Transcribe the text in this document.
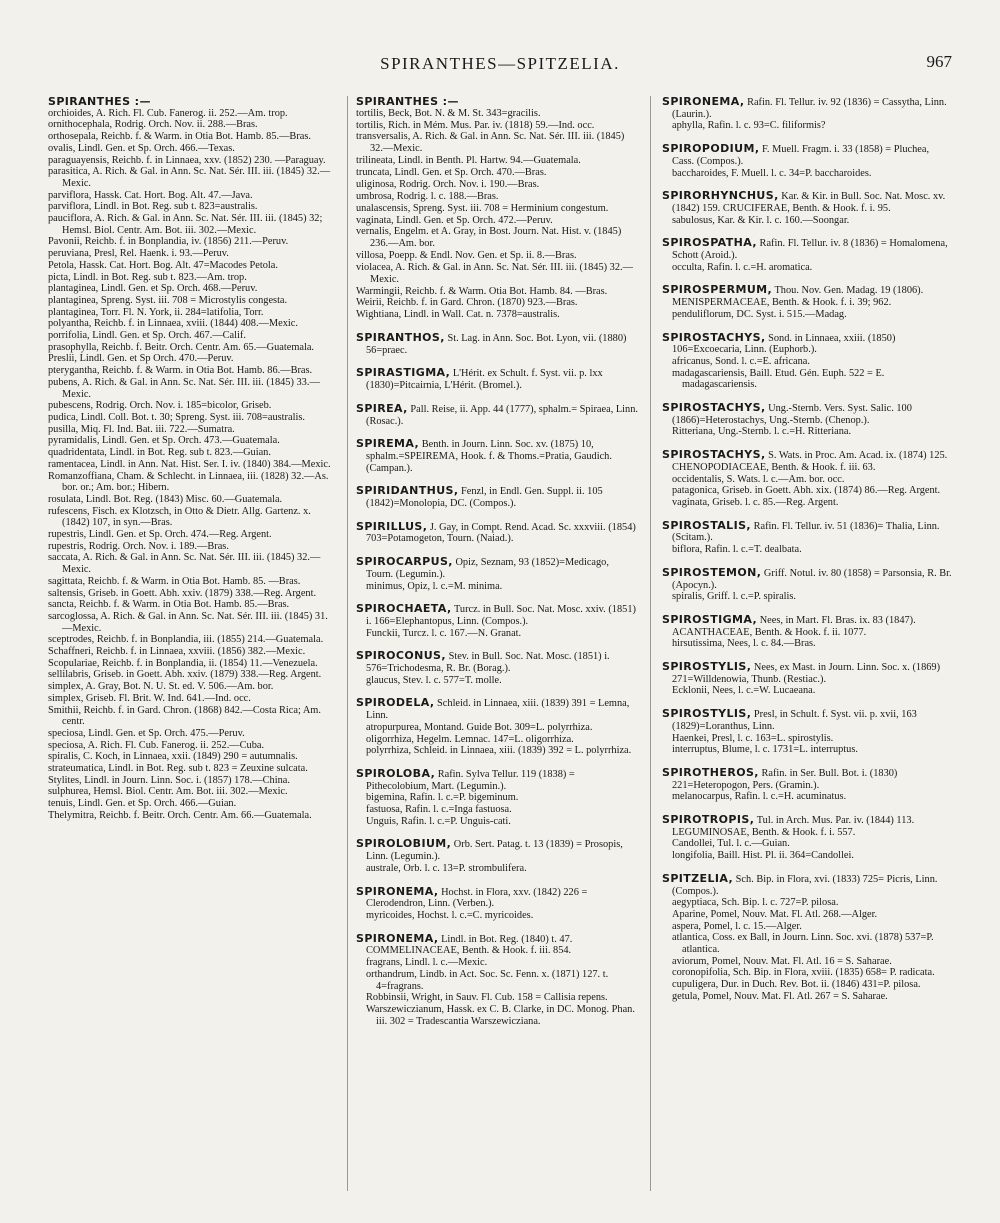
SPIRANTHES—SPITZELIA.	967
SPIRANTHES :—
orchioides, A. Rich. Fl. Cub. Fanerog. ii. 252.—Am. trop.
ornithocephala, Rodrig. Orch. Nov. ii. 288.—Bras.
orthosepala, Reichb. f. & Warm. in Otia Bot. Hamb. 85.—Bras.
ovalis, Lindl. Gen. et Sp. Orch. 466.—Texas.
paraguayensis, Reichb. f. in Linnaea, xxv. (1852) 230. —Paraguay.
parasitica, A. Rich. & Gal. in Ann. Sc. Nat. Sér. III. iii. (1845) 32.—Mexic.
parviflora, Hassk. Cat. Hort. Bog. Alt. 47.—Java.
parviflora, Lindl. in Bot. Reg. sub t. 823=australis.
pauciflora, A. Rich. & Gal. in Ann. Sc. Nat. Sér. III. iii. (1845) 32; Hemsl. Biol. Centr. Am. Bot. iii. 302.—Mexic.
Pavonii, Reichb. f. in Bonplandia, iv. (1856) 211.—Peruv.
peruviana, Presl, Rel. Haenk. i. 93.—Peruv.
Petola, Hassk. Cat. Hort. Bog. Alt. 47=Macodes Petola.
picta, Lindl. in Bot. Reg. sub t. 823.—Am. trop.
plantaginea, Lindl. Gen. et Sp. Orch. 468.—Peruv.
plantaginea, Spreng. Syst. iii. 708 = Microstylis congesta.
plantaginea, Torr. Fl. N. York, ii. 284=latifolia, Torr.
polyantha, Reichb. f. in Linnaea, xviii. (1844) 408.—Mexic.
porrifolia, Lindl. Gen. et Sp. Orch. 467.—Calif.
prasophylla, Reichb. f. Beitr. Orch. Centr. Am. 65.—Guatemala.
Preslii, Lindl. Gen. et Sp Orch. 470.—Peruv.
pterygantha, Reichb. f. & Warm. in Otia Bot. Hamb. 86.—Bras.
pubens, A. Rich. & Gal. in Ann. Sc. Nat. Sér. III. iii. (1845) 33.—Mexic.
pubescens, Rodrig. Orch. Nov. i. 185=bicolor, Griseb.
pudica, Lindl. Coll. Bot. t. 30; Spreng. Syst. iii. 708=australis.
pusilla, Miq. Fl. Ind. Bat. iii. 722.—Sumatra.
pyramidalis, Lindl. Gen. et Sp. Orch. 473.—Guatemala.
quadridentata, Lindl. in Bot. Reg. sub t. 823.—Guian.
ramentacea, Lindl. in Ann. Nat. Hist. Ser. I. iv. (1840) 384.—Mexic.
Romanzoffiana, Cham. & Schlecht. in Linnaea, iii. (1828) 32.—As. bor. or.; Am. bor.; Hibern.
rosulata, Lindl. Bot. Reg. (1843) Misc. 60.—Guatemala.
rufescens, Fisch. ex Klotzsch, in Otto & Dietr. Allg. Gartenz. x. (1842) 107, in syn.—Bras.
rupestris, Lindl. Gen. et Sp. Orch. 474.—Reg. Argent.
rupestris, Rodrig. Orch. Nov. i. 189.—Bras.
saccata, A. Rich. & Gal. in Ann. Sc. Nat. Sér. III. iii. (1845) 32.—Mexic.
sagittata, Reichb. f. & Warm. in Otia Bot. Hamb. 85. —Bras.
saltensis, Griseb. in Goett. Abh. xxiv. (1879) 338.—Reg. Argent.
sancta, Reichb. f. & Warm. in Otia Bot. Hamb. 85.—Bras.
sarcoglossa, A. Rich. & Gal. in Ann. Sc. Nat. Sér. III. iii. (1845) 31.—Mexic.
sceptrodes, Reichb. f. in Bonplandia, iii. (1855) 214.—Guatemala.
Schaffneri, Reichb. f. in Linnaea, xxviii. (1856) 382.—Mexic.
Scopulariae, Reichb. f. in Bonplandia, ii. (1854) 11.—Venezuela.
sellilabris, Griseb. in Goett. Abh. xxiv. (1879) 338.—Reg. Argent.
simplex, A. Gray, Bot. N. U. St. ed. V. 506.—Am. bor.
simplex, Griseb. Fl. Brit. W. Ind. 641.—Ind. occ.
Smithii, Reichb. f. in Gard. Chron. (1868) 842.—Costa Rica; Am. centr.
speciosa, Lindl. Gen. et Sp. Orch. 475.—Peruv.
speciosa, A. Rich. Fl. Cub. Fanerog. ii. 252.—Cuba.
spiralis, C. Koch, in Linnaea, xxii. (1849) 290 = autumnalis.
strateumatica, Lindl. in Bot. Reg. sub t. 823 = Zeuxine sulcata.
Stylites, Lindl. in Journ. Linn. Soc. i. (1857) 178.—China.
sulphurea, Hemsl. Biol. Centr. Am. Bot. iii. 302.—Mexic.
tenuis, Lindl. Gen. et Sp. Orch. 466.—Guian.
Thelymitra, Reichb. f. Beitr. Orch. Centr. Am. 66.—Guatemala.
SPIRANTHES :—
tortilis, Beck, Bot. N. & M. St. 343=gracilis.
tortilis, Rich. in Mém. Mus. Par. iv. (1818) 59.—Ind. occ.
transversalis, A. Rich. & Gal. in Ann. Sc. Nat. Sér. III. iii. (1845) 32.—Mexic.
trilineata, Lindl. in Benth. Pl. Hartw. 94.—Guatemala.
truncata, Lindl. Gen. et Sp. Orch. 470.—Bras.
uliginosa, Rodrig. Orch. Nov. i. 190.—Bras.
umbrosa, Rodrig. l. c. 188.—Bras.
unalascensis, Spreng. Syst. iii. 708 = Herminium congestum.
vaginata, Lindl. Gen. et Sp. Orch. 472.—Peruv.
vernalis, Engelm. et A. Gray, in Bost. Journ. Nat. Hist. v. (1845) 236.—Am. bor.
villosa, Poepp. & Endl. Nov. Gen. et Sp. ii. 8.—Bras.
violacea, A. Rich. & Gal. in Ann. Sc. Nat. Sér. III. iii. (1845) 32.—Mexic.
Warmingii, Reichb. f. & Warm. Otia Bot. Hamb. 84. —Bras.
Weirii, Reichb. f. in Gard. Chron. (1870) 923.—Bras.
Wightiana, Lindl. in Wall. Cat. n. 7378=australis.
SPIRANTHOS, St. Lag. in Ann. Soc. Bot. Lyon, vii. (1880) 56=praec.
SPIRASTIGMA, L'Hérit. ex Schult. f. Syst. vii. p. lxx (1830)=Pitcairnia, L'Hérit. (Bromel.).
SPIREA, Pall. Reise, ii. App. 44 (1777), sphalm.= Spiraea, Linn. (Rosac.).
SPIREMA, Benth. in Journ. Linn. Soc. xv. (1875) 10, sphalm.=SPEIREMA, Hook. f. & Thoms.=Pratia, Gaudich. (Campan.).
SPIRIDANTHUS, Fenzl, in Endl. Gen. Suppl. ii. 105 (1842)=Monolopia, DC. (Compos.).
SPIRILLUS, J. Gay, in Compt. Rend. Acad. Sc. xxxviii. (1854) 703=Potamogeton, Tourn. (Naiad.).
SPIROCARPUS, Opiz, Seznam, 93 (1852)=Medicago, Tourn. (Legumin.).
minimus, Opiz, l. c.=M. minima.
SPIROCHAETA, Turcz. in Bull. Soc. Nat. Mosc. xxiv. (1851) i. 166=Elephantopus, Linn. (Compos.).
Funckii, Turcz. l. c. 167.—N. Granat.
SPIROCONUS, Stev. in Bull. Soc. Nat. Mosc. (1851) i. 576=Trichodesma, R. Br. (Borag.).
glaucus, Stev. l. c. 577=T. molle.
SPIRODELA, Schleid. in Linnaea, xiii. (1839) 391 = Lemna, Linn.
atropurpurea, Montand. Guide Bot. 309=L. polyrrhiza.
oligorrhiza, Hegelm. Lemnac. 147=L. oligorrhiza.
polyrrhiza, Schleid. in Linnaea, xiii. (1839) 392 = L. polyrrhiza.
SPIROLOBA, Rafin. Sylva Tellur. 119 (1838) = Pithecolobium, Mart. (Legumin.).
bigemina, Rafin. l. c.=P. bigeminum.
fastuosa, Rafin. l. c.=Inga fastuosa.
Unguis, Rafin. l. c.=P. Unguis-cati.
SPIROLOBIUM, Orb. Sert. Patag. t. 13 (1839) = Prosopis, Linn. (Legumin.).
australe, Orb. l. c. 13=P. strombulifera.
SPIRONEMA, Hochst. in Flora, xxv. (1842) 226 = Clerodendron, Linn. (Verben.).
myricoides, Hochst. l. c.=C. myricoides.
SPIRONEMA, Lindl. in Bot. Reg. (1840) t. 47. COMMELINACEAE, Benth. & Hook. f. iii. 854.
fragrans, Lindl. l. c.—Mexic.
orthandrum, Lindb. in Act. Soc. Sc. Fenn. x. (1871) 127. t. 4=fragrans.
Robbinsii, Wright, in Sauv. Fl. Cub. 158 = Callisia repens.
Warszewiczianum, Hassk. ex C. B. Clarke, in DC. Monog. Phan. iii. 302 = Tradescantia Warszewicziana.
SPIRONEMA, Rafin. Fl. Tellur. iv. 92 (1836) = Cassytha, Linn. (Laurin.).
aphylla, Rafin. l. c. 93=C. filiformis?
SPIROPODIUM, F. Muell. Fragm. i. 33 (1858) = Pluchea, Cass. (Compos.).
baccharoides, F. Muell. l. c. 34=P. baccharoides.
SPIRORHYNCHUS, Kar. & Kir. in Bull. Soc. Nat. Mosc. xv. (1842) 159. CRUCIFERAE, Benth. & Hook. f. i. 95.
sabulosus, Kar. & Kir. l. c. 160.—Soongar.
SPIROSPATHA, Rafin. Fl. Tellur. iv. 8 (1836) = Homalomena, Schott (Aroid.).
occulta, Rafin. l. c.=H. aromatica.
SPIROSPERMUM, Thou. Nov. Gen. Madag. 19 (1806). MENISPERMACEAE, Benth. & Hook. f. i. 39; 962.
penduliflorum, DC. Syst. i. 515.—Madag.
SPIROSTACHYS, Sond. in Linnaea, xxiii. (1850) 106=Excoecaria, Linn. (Euphorb.).
africanus, Sond. l. c.=E. africana.
madagascariensis, Baill. Etud. Gén. Euph. 522 = E. madagascariensis.
SPIROSTACHYS, Ung.-Sternb. Vers. Syst. Salic. 100 (1866)=Heterostachys, Ung.-Sternb. (Chenop.).
Ritteriana, Ung.-Sternb. l. c.=H. Ritteriana.
SPIROSTACHYS, S. Wats. in Proc. Am. Acad. ix. (1874) 125. CHENOPODIACEAE, Benth. & Hook. f. iii. 63.
occidentalis, S. Wats. l. c.—Am. bor. occ.
patagonica, Griseb. in Goett. Abh. xix. (1874) 86.—Reg. Argent.
vaginata, Griseb. l. c. 85.—Reg. Argent.
SPIROSTALIS, Rafin. Fl. Tellur. iv. 51 (1836)= Thalia, Linn. (Scitam.).
biflora, Rafin. l. c.=T. dealbata.
SPIROSTEMON, Griff. Notul. iv. 80 (1858) = Parsonsia, R. Br. (Apocyn.).
spiralis, Griff. l. c.=P. spiralis.
SPIROSTIGMA, Nees, in Mart. Fl. Bras. ix. 83 (1847). ACANTHACEAE, Benth. & Hook. f. ii. 1077.
hirsutissima, Nees, l. c. 84.—Bras.
SPIROSTYLIS, Nees, ex Mast. in Journ. Linn. Soc. x. (1869) 271=Willdenowia, Thunb. (Restiac.).
Ecklonii, Nees, l. c.=W. Lucaeana.
SPIROSTYLIS, Presl, in Schult. f. Syst. vii. p. xvii, 163 (1829)=Loranthus, Linn.
Haenkei, Presl, l. c. 163=L. spirostylis.
interruptus, Blume, l. c. 1731=L. interruptus.
SPIROTHEROS, Rafin. in Ser. Bull. Bot. i. (1830) 221=Heteropogon, Pers. (Gramin.).
melanocarpus, Rafin. l. c.=H. acuminatus.
SPIROTROPIS, Tul. in Arch. Mus. Par. iv. (1844) 113. LEGUMINOSAE, Benth. & Hook. f. i. 557.
Candollei, Tul. l. c.—Guian.
longifolia, Baill. Hist. Pl. ii. 364=Candollei.
SPITZELIA, Sch. Bip. in Flora, xvi. (1833) 725= Picris, Linn. (Compos.).
aegyptiaca, Sch. Bip. l. c. 727=P. pilosa.
Aparine, Pomel, Nouv. Mat. Fl. Atl. 268.—Alger.
aspera, Pomel, l. c. 15.—Alger.
atlantica, Coss. ex Ball, in Journ. Linn. Soc. xvi. (1878) 537=P. atlantica.
aviorum, Pomel, Nouv. Mat. Fl. Atl. 16 = S. Saharae.
coronopifolia, Sch. Bip. in Flora, xviii. (1835) 658= P. radicata.
cupuligera, Dur. in Duch. Rev. Bot. ii. (1846) 431=P. pilosa.
getula, Pomel, Nouv. Mat. Fl. Atl. 267 = S. Saharae.
